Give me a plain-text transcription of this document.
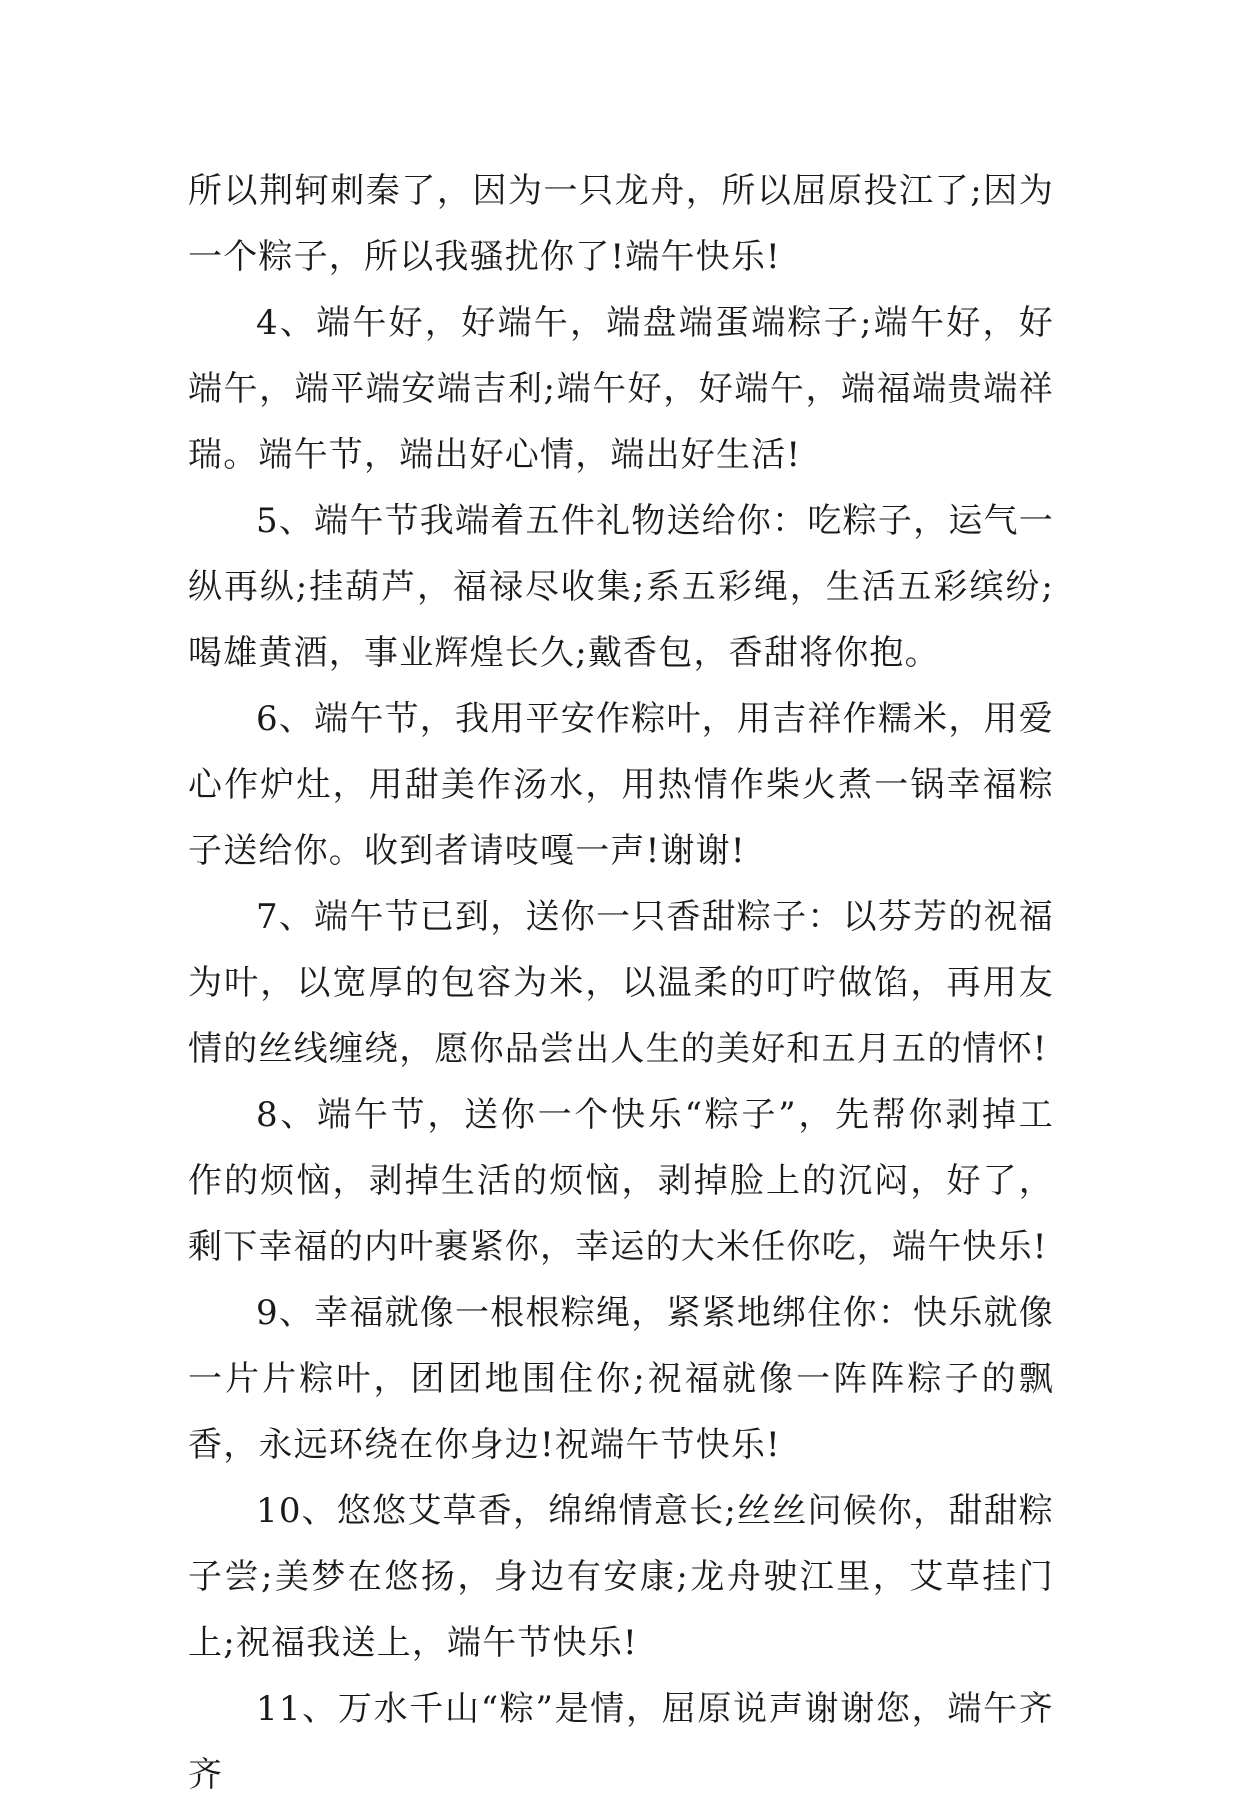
所以荆轲刺秦了，因为一只龙舟，所以屈原投江了;因为一个粽子，所以我骚扰你了!端午快乐!

4、端午好，好端午，端盘端蛋端粽子;端午好，好端午，端平端安端吉利;端午好，好端午，端福端贵端祥瑞。端午节，端出好心情，端出好生活!

5、端午节我端着五件礼物送给你：吃粽子，运气一纵再纵;挂葫芦，福禄尽收集;系五彩绳，生活五彩缤纷;喝雄黄酒，事业辉煌长久;戴香包，香甜将你抱。

6、端午节，我用平安作粽叶，用吉祥作糯米，用爱心作炉灶，用甜美作汤水，用热情作柴火煮一锅幸福粽子送给你。收到者请吱嘎一声!谢谢!

7、端午节已到，送你一只香甜粽子：以芬芳的祝福为叶，以宽厚的包容为米，以温柔的叮咛做馅，再用友情的丝线缠绕，愿你品尝出人生的美好和五月五的情怀!

8、端午节，送你一个快乐“粽子”，先帮你剥掉工作的烦恼，剥掉生活的烦恼，剥掉脸上的沉闷，好了，剩下幸福的内叶裹紧你，幸运的大米任你吃，端午快乐!

9、幸福就像一根根粽绳，紧紧地绑住你：快乐就像一片片粽叶，团团地围住你;祝福就像一阵阵粽子的飘香，永远环绕在你身边!祝端午节快乐!

10、悠悠艾草香，绵绵情意长;丝丝问候你，甜甜粽子尝;美梦在悠扬，身边有安康;龙舟驶江里，艾草挂门上;祝福我送上，端午节快乐!

11、万水千山“粽”是情，屈原说声谢谢您，端午齐齐
